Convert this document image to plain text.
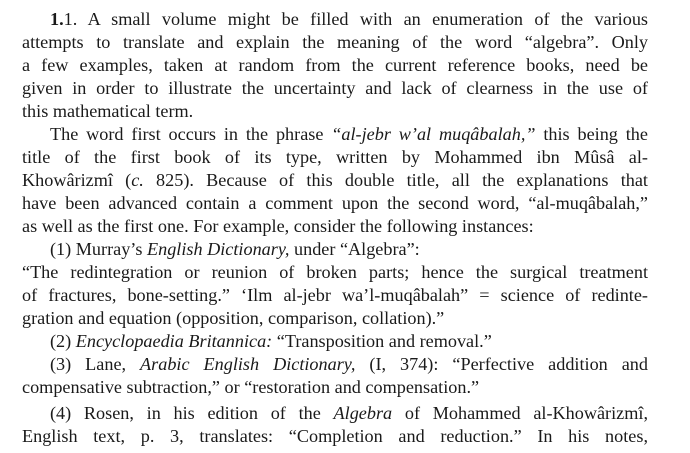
1.1. A small volume might be filled with an enumeration of the various
attempts to translate and explain the meaning of the word “algebra”. Only
a few examples, taken at random from the current reference books, need be
given in order to illustrate the uncertainty and lack of clearness in the use of
this mathematical term.
The word first occurs in the phrase “al-jebr w’al muqâbalah,” this being the
title of the first book of its type, written by Mohammed ibn Mûsâ al-
Khowârizmî (c. 825). Because of this double title, all the explanations that
have been advanced contain a comment upon the second word, “al-muqâbalah,”
as well as the first one. For example, consider the following instances:
(1) Murray’s English Dictionary, under “Algebra”:
“The redintegration or reunion of broken parts; hence the surgical treatment
of fractures, bone-setting.” ‘Ilm al-jebr wa’l-muqâbalah” = science of redinte-
gration and equation (opposition, comparison, collation).”
(2) Encyclopaedia Britannica: “Transposition and removal.”
(3) Lane, Arabic English Dictionary, (I, 374): “Perfective addition and
compensative subtraction,” or “restoration and compensation.”
(4) Rosen, in his edition of the Algebra of Mohammed al-Khowârizmî,
English text, p. 3, translates: “Completion and reduction.” In his notes,
